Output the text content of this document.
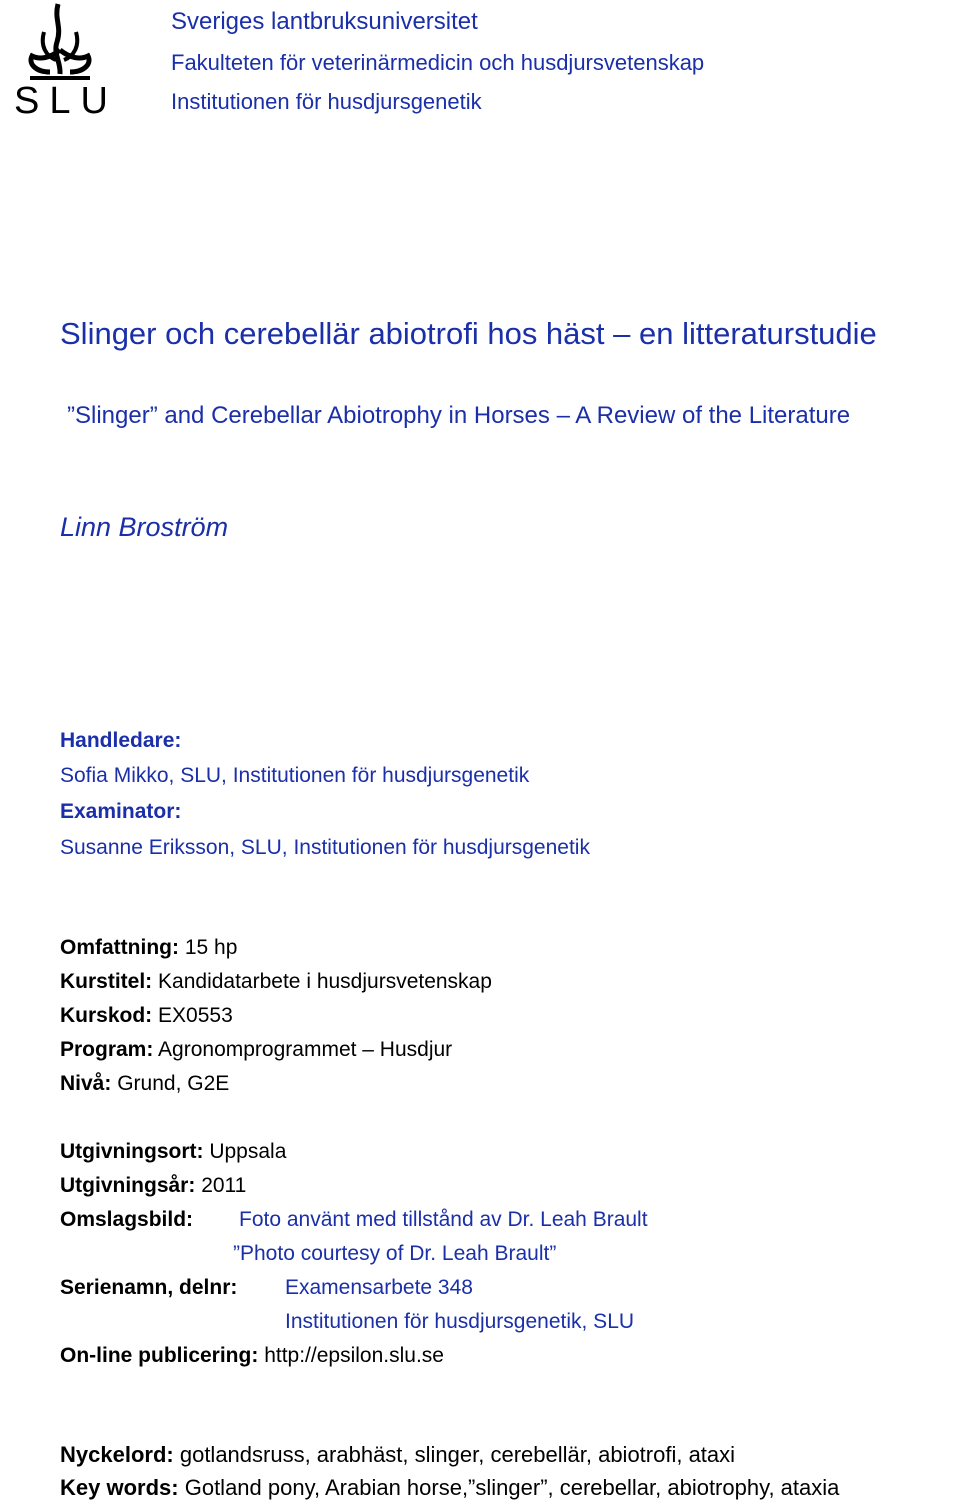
SLU
Sveriges lantbruksuniversitet
Fakulteten för veterinärmedicin och husdjursvetenskap
Institutionen för husdjursgenetik
Slinger och cerebellär abiotrofi hos häst – en litteraturstudie
”Slinger” and Cerebellar Abiotrophy in Horses – A Review of the Literature
Linn Broström
Handledare:
Sofia Mikko, SLU, Institutionen för husdjursgenetik
Examinator:
Susanne Eriksson, SLU, Institutionen för husdjursgenetik
Omfattning: 15 hp
Kurstitel: Kandidatarbete i husdjursvetenskap
Kurskod: EX0553
Program: Agronomprogrammet – Husdjur
Nivå: Grund, G2E
Utgivningsort: Uppsala
Utgivningsår: 2011
Omslagsbild: Foto använt med tillstånd av Dr. Leah Brault
”Photo courtesy of Dr. Leah Brault”
Serienamn, delnr: Examensarbete 348
Institutionen för husdjursgenetik, SLU
On-line publicering: http://epsilon.slu.se
Nyckelord: gotlandsruss, arabhäst, slinger, cerebellär, abiotrofi, ataxi
Key words: Gotland pony, Arabian horse,”slinger”, cerebellar, abiotrophy, ataxia
